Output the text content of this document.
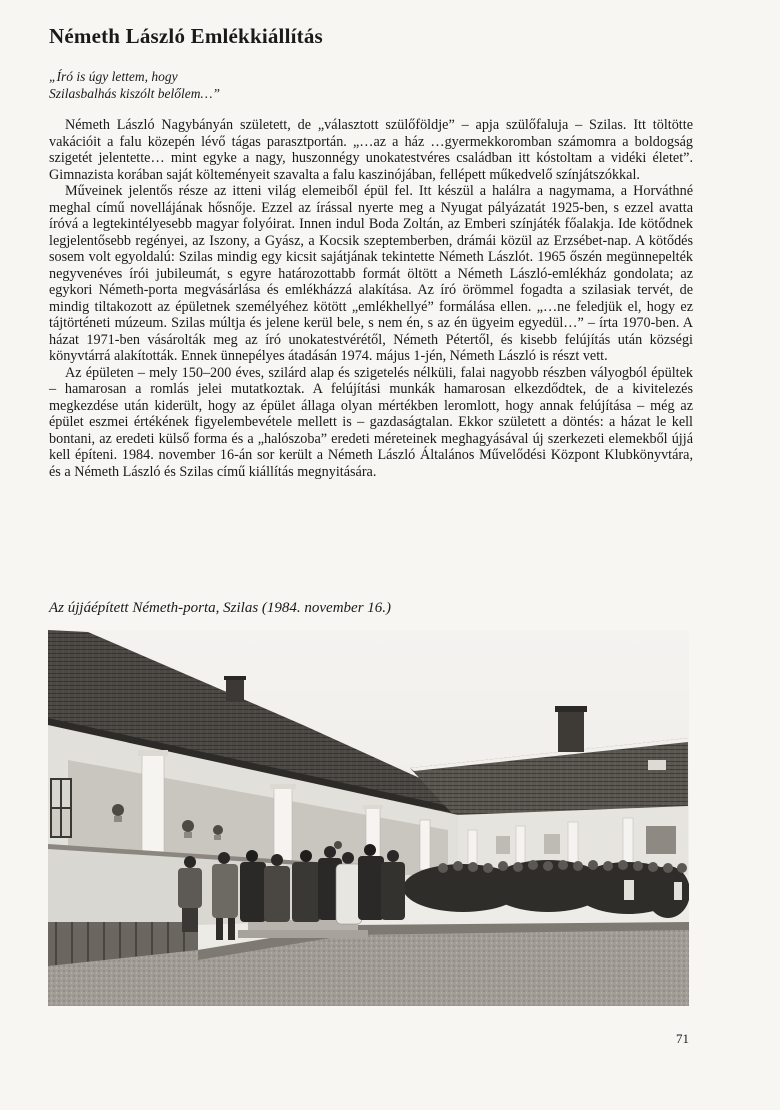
Németh László Emlékkiállítás
„Író is úgy lettem, hogy
Szilasbalhás kiszólt belőlem…”

Németh László Nagybányán született, de „választott szülőföldje” – apja szülőfaluja – Szilas. Itt töltötte vakációit a falu közepén lévő tágas parasztportán. „…az a ház …gyermekkoromban számomra a boldogság szigetét jelentette… mint egyke a nagy, huszonnégy unokatestvéres családban itt kóstoltam a vidéki életet”. Gimnazista korában saját költeményeit szavalta a falu kaszinójában, fellépett műkedvelő színjátszókkal.

Műveinek jelentős része az itteni világ elemeiből épül fel. Itt készül a halálra a nagymama, a Horváthné meghal című novellájának hősnője. Ezzel az írással nyerte meg a Nyugat pályázatát 1925-ben, s ezzel avatta íróvá a legtekintélyesebb magyar folyóirat. Innen indul Boda Zoltán, az Emberi színjáték főalakja. Ide kötődnek legjelentősebb regényei, az Iszony, a Gyász, a Kocsik szeptemberben, drámái közül az Erzsébet-nap. A kötődés sosem volt egyoldalú: Szilas mindig egy kicsit sajátjának tekintette Németh Lászlót. 1965 őszén megünnepelték negyvenéves írói jubileumát, s egyre határozottabb formát öltött a Németh László-emlékház gondolata; az egykori Németh-porta megvásárlása és emlékházzá alakítása. Az író örömmel fogadta a szilasiak tervét, de mindig tiltakozott az épületnek személyéhez kötött „emlékhellyé” formálása ellen. „…ne feledjük el, hogy ez tájtörténeti múzeum. Szilas múltja és jelene kerül bele, s nem én, s az én ügyeim egyedül…” – írta 1970-ben. A házat 1971-ben vásárolták meg az író unokatestvérétől, Németh Pétertől, és kisebb felújítás után községi könyvtárrá alakították. Ennek ünnepélyes átadásán 1974. május 1-jén, Németh László is részt vett.

Az épületen – mely 150–200 éves, szilárd alap és szigetelés nélküli, falai nagyobb részben vályogból épültek – hamarosan a romlás jelei mutatkoztak. A felújítási munkák hamarosan elkezdődtek, de a kivitelezés megkezdése után kiderült, hogy az épület állaga olyan mértékben leromlott, hogy annak felújítása – még az épület eszmei értékének figyelembevétele mellett is – gazdaságtalan. Ekkor született a döntés: a házat le kell bontani, az eredeti külső forma és a „halószoba” eredeti méreteinek meghagyásával új szerkezeti elemekből újjá kell építeni. 1984. november 16-án sor került a Németh László Általános Művelődési Központ Klubkönyvtára, és a Németh László és Szilas című kiállítás megnyitására.

Az újjáépített Németh-porta, Szilas (1984. november 16.)
71
